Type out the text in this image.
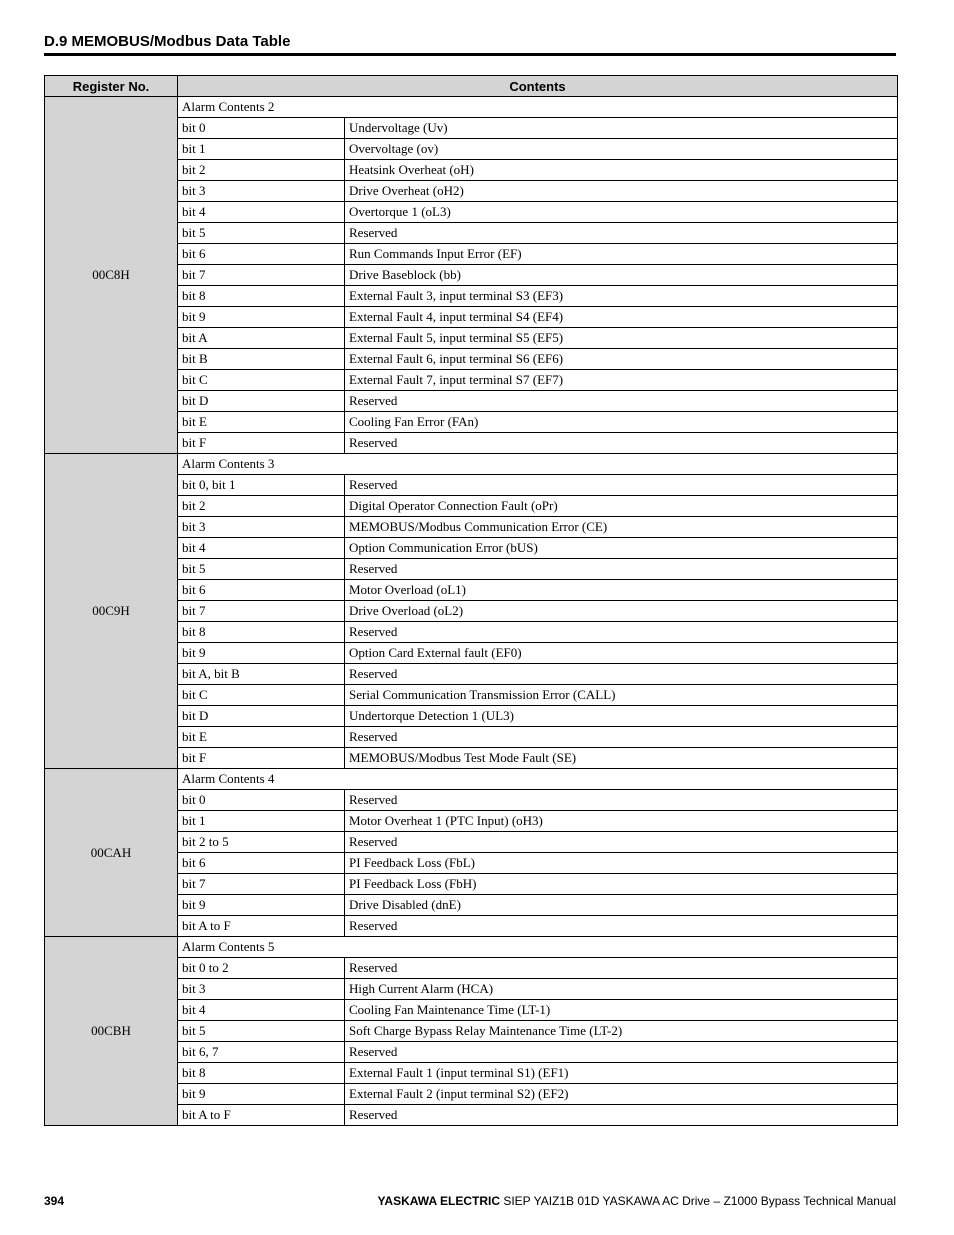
D.9 MEMOBUS/Modbus Data Table
Register No.	Contents	
00C8H	Alarm Contents 2	
	bit 0	Undervoltage (Uv)
	bit 1	Overvoltage (ov)
	bit 2	Heatsink Overheat (oH)
	bit 3	Drive Overheat (oH2)
	bit 4	Overtorque 1 (oL3)
	bit 5	Reserved
	bit 6	Run Commands Input Error (EF)
	bit 7	Drive Baseblock (bb)
	bit 8	External Fault 3, input terminal S3 (EF3)
	bit 9	External Fault 4, input terminal S4 (EF4)
	bit A	External Fault 5, input terminal S5 (EF5)
	bit B	External Fault 6, input terminal S6 (EF6)
	bit C	External Fault 7, input terminal S7 (EF7)
	bit D	Reserved
	bit E	Cooling Fan Error (FAn)
	bit F	Reserved
00C9H	Alarm Contents 3	
	bit 0, bit 1	Reserved
	bit 2	Digital Operator Connection Fault (oPr)
	bit 3	MEMOBUS/Modbus Communication Error (CE)
	bit 4	Option Communication Error (bUS)
	bit 5	Reserved
	bit 6	Motor Overload (oL1)
	bit 7	Drive Overload (oL2)
	bit 8	Reserved
	bit 9	Option Card External fault (EF0)
	bit A, bit B	Reserved
	bit C	Serial Communication Transmission Error (CALL)
	bit D	Undertorque Detection 1 (UL3)
	bit E	Reserved
	bit F	MEMOBUS/Modbus Test Mode Fault (SE)
00CAH	Alarm Contents 4	
	bit 0	Reserved
	bit 1	Motor Overheat 1 (PTC Input) (oH3)
	bit 2 to 5	Reserved
	bit 6	PI Feedback Loss (FbL)
	bit 7	PI Feedback Loss (FbH)
	bit 9	Drive Disabled (dnE)
	bit A to F	Reserved
00CBH	Alarm Contents 5	
	bit 0 to 2	Reserved
	bit 3	High Current Alarm (HCA)
	bit 4	Cooling Fan Maintenance Time (LT-1)
	bit 5	Soft Charge Bypass Relay Maintenance Time (LT-2)
	bit 6, 7	Reserved
	bit 8	External Fault 1 (input terminal S1) (EF1)
	bit 9	External Fault 2 (input terminal S2) (EF2)
	bit A to F	Reserved
394	YASKAWA ELECTRIC SIEP YAIZ1B 01D YASKAWA AC Drive – Z1000 Bypass Technical Manual
